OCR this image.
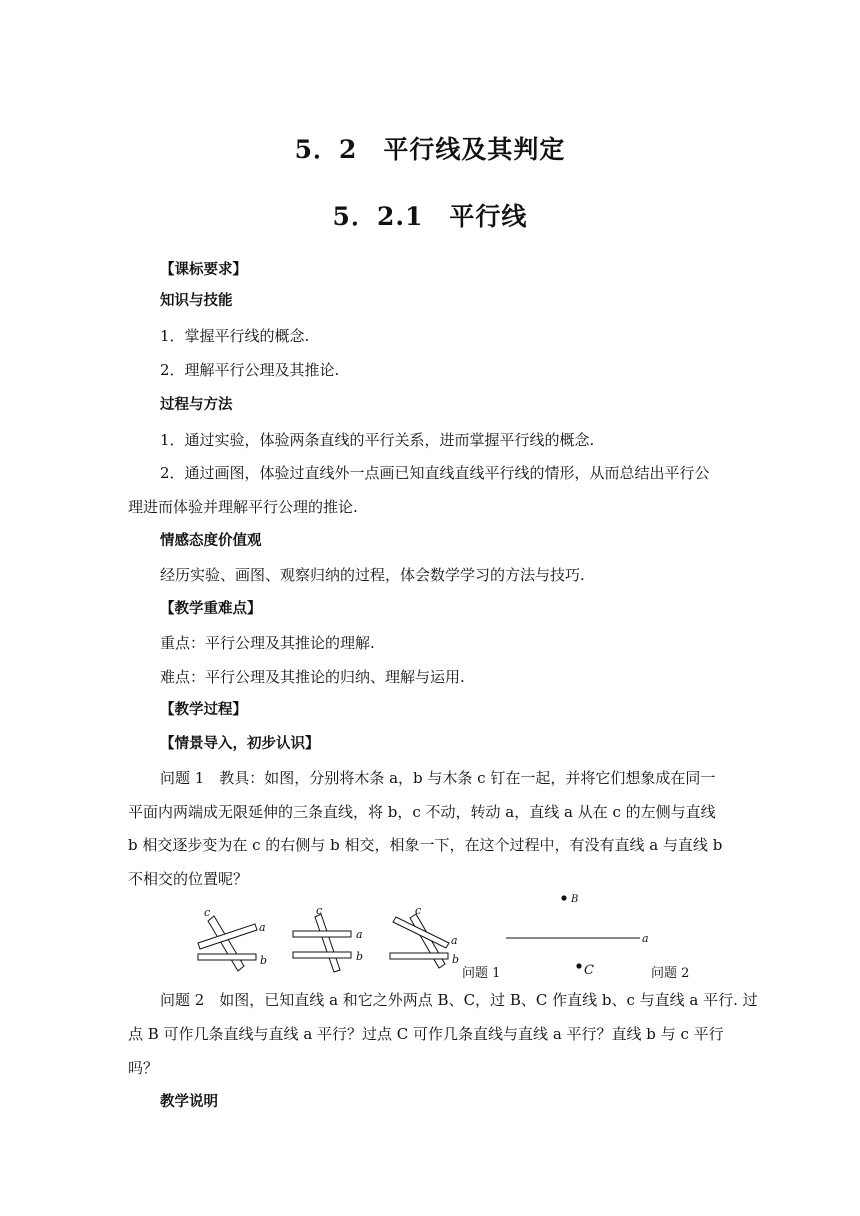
5．2　平行线及其判定
5．2.1　平行线
【课标要求】
知识与技能
1．掌握平行线的概念.
2．理解平行公理及其推论.
过程与方法
1．通过实验，体验两条直线的平行关系，进而掌握平行线的概念.
2．通过画图，体验过直线外一点画已知直线直线平行线的情形，从而总结出平行公
理进而体验并理解平行公理的推论.
情感态度价值观
经历实验、画图、观察归纳的过程，体会数学学习的方法与技巧.
【教学重难点】
重点：平行公理及其推论的理解.
难点：平行公理及其推论的归纳、理解与运用.
【教学过程】
【情景导入，初步认识】
问题 1　教具：如图，分别将木条 a，b 与木条 c 钉在一起，并将它们想象成在同一
平面内两端成无限延伸的三条直线，将 b，c 不动，转动 a，直线 a 从在 c 的左侧与直线
b 相交逐步变为在 c 的右侧与 b 相交，相象一下，在这个过程中，有没有直线 a 与直线 b
不相交的位置呢？
c
a
b
c
a
b
c
a
b
问题 1
B
a
C	问题 2
问题 2　如图，已知直线 a 和它之外两点 B、C，过 B、C 作直线 b、c 与直线 a 平行. 过
点 B 可作几条直线与直线 a 平行？过点 C 可作几条直线与直线 a 平行？直线 b 与 c 平行
吗？
教学说明
